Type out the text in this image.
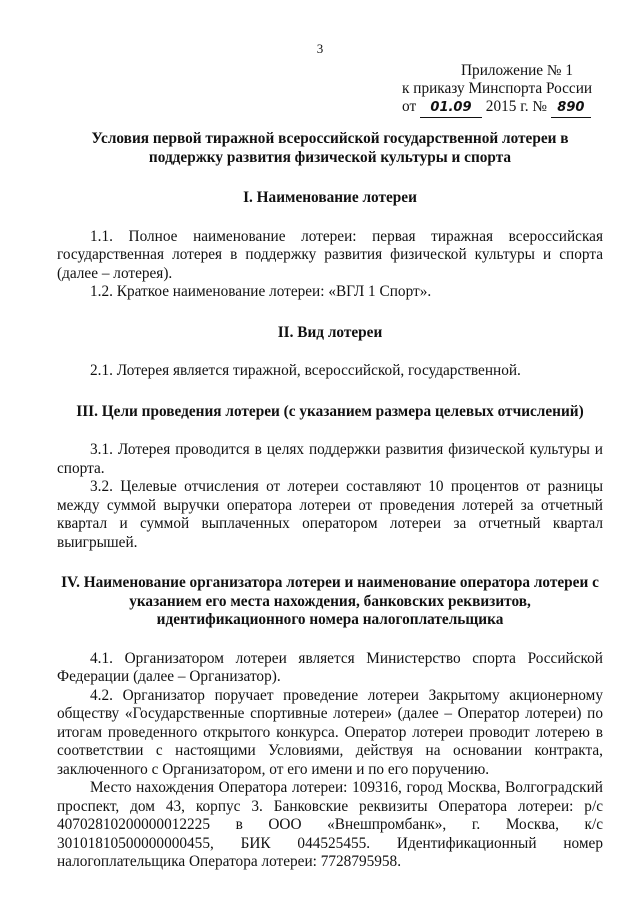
3
Приложение № 1
к приказу Минспорта России
от 01.09 2015 г. № 890
Условия первой тиражной всероссийской государственной лотереи в поддержку развития физической культуры и спорта
I. Наименование лотереи

1.1. Полное наименование лотереи: первая тиражная всероссийская государственная лотерея в поддержку развития физической культуры и спорта (далее – лотерея).

1.2. Краткое наименование лотереи: «ВГЛ 1 Спорт».

II. Вид лотереи

2.1. Лотерея является тиражной, всероссийской, государственной.

III. Цели проведения лотереи (с указанием размера целевых отчислений)

3.1. Лотерея проводится в целях поддержки развития физической культуры и спорта.

3.2. Целевые отчисления от лотереи составляют 10 процентов от разницы между суммой выручки оператора лотереи от проведения лотерей за отчетный квартал и суммой выплаченных оператором лотереи за отчетный квартал выигрышей.

IV. Наименование организатора лотереи и наименование оператора лотереи с указанием его места нахождения, банковских реквизитов, идентификационного номера налогоплательщика

4.1. Организатором лотереи является Министерство спорта Российской Федерации (далее – Организатор).

4.2. Организатор поручает проведение лотереи Закрытому акционерному обществу «Государственные спортивные лотереи» (далее – Оператор лотереи) по итогам проведенного открытого конкурса. Оператор лотереи проводит лотерею в соответствии с настоящими Условиями, действуя на основании контракта, заключенного с Организатором, от его имени и по его поручению.

Место нахождения Оператора лотереи: 109316, город Москва, Волгоградский проспект, дом 43, корпус 3. Банковские реквизиты Оператора лотереи: р/с 40702810200000012225 в ООО «Внешпромбанк», г. Москва, к/с 30101810500000000455, БИК 044525455. Идентификационный номер налогоплательщика Оператора лотереи: 7728795958.
